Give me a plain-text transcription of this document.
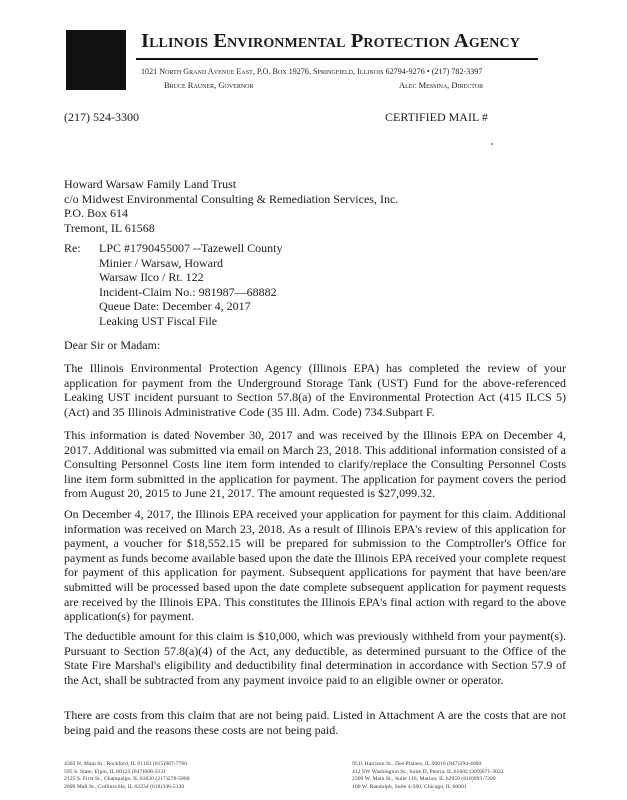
Illinois Environmental Protection Agency
1021 North Grand Avenue East, P.O. Box 19276, Springfield, Illinois 62794-9276 • (217) 782-3397
Bruce Rauner, Governor	Alec Messina, Director
(217) 524-3300	CERTIFIED MAIL #
Howard Warsaw Family Land Trust
c/o Midwest Environmental Consulting & Remediation Services, Inc.
P.O. Box 614
Tremont, IL 61568
Re: LPC #1790455007 --Tazewell County
Minier / Warsaw, Howard
Warsaw Ilco / Rt. 122
Incident-Claim No.: 981987—68882
Queue Date: December 4, 2017
Leaking UST Fiscal File
Dear Sir or Madam:

The Illinois Environmental Protection Agency (Illinois EPA) has completed the review of your application for payment from the Underground Storage Tank (UST) Fund for the above-referenced Leaking UST incident pursuant to Section 57.8(a) of the Environmental Protection Act (415 ILCS 5) (Act) and 35 Illinois Administrative Code (35 Ill. Adm. Code) 734.Subpart F.

This information is dated November 30, 2017 and was received by the Illinois EPA on December 4, 2017. Additional was submitted via email on March 23, 2018. This additional information consisted of a Consulting Personnel Costs line item form intended to clarify/replace the Consulting Personnel Costs line item form submitted in the application for payment. The application for payment covers the period from August 20, 2015 to June 21, 2017. The amount requested is $27,099.32.

On December 4, 2017, the Illinois EPA received your application for payment for this claim. Additional information was received on March 23, 2018. As a result of Illinois EPA's review of this application for payment, a voucher for $18,552.15 will be prepared for submission to the Comptroller's Office for payment as funds become available based upon the date the Illinois EPA received your complete request for payment of this application for payment. Subsequent applications for payment that have been/are submitted will be processed based upon the date complete subsequent application for payment requests are received by the Illinois EPA. This constitutes the Illinois EPA's final action with regard to the above application(s) for payment.

The deductible amount for this claim is $10,000, which was previously withheld from your payment(s). Pursuant to Section 57.8(a)(4) of the Act, any deductible, as determined pursuant to the Office of the State Fire Marshal's eligibility and deductibility final determination in accordance with Section 57.9 of the Act, shall be subtracted from any payment invoice paid to an eligible owner or operator.

There are costs from this claim that are not being paid. Listed in Attachment A are the costs that are not being paid and the reasons these costs are not being paid.

4302 N. Main St., Rockford, IL 61103 (815)987-7760
595 S. State, Elgin, IL 60123 (847)608-3131
2125 S. First St., Champaign, IL 61820 (217)278-5800
2009 Mall St., Collinsville, IL 62234 (618)346-5120
9511 Harrison St., Des Plaines, IL 60016 (847)294-4000
412 SW Washington St., Suite D, Peoria, IL 61602 (309)671-3022
2309 W. Main St., Suite 116, Marion, IL 62959 (618)993-7200
100 W. Randolph, Suite 4-500, Chicago, IL 60601
